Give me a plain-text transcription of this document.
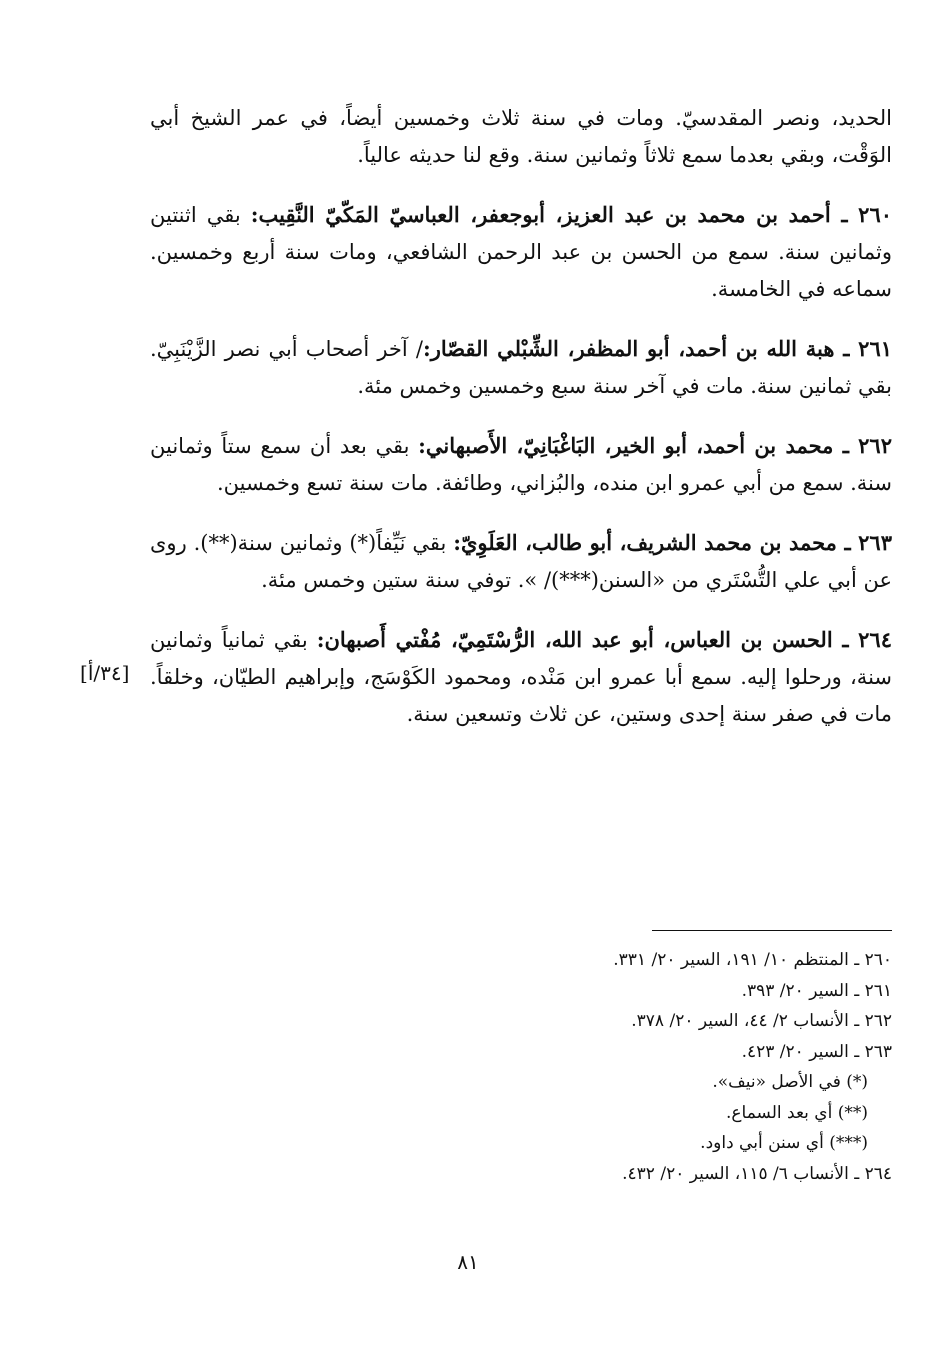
الحديد، ونصر المقدسيّ. ومات في سنة ثلاث وخمسين أيضاً، في عمر الشيخ أبي الوَقْت، وبقي بعدما سمع ثلاثاً وثمانين سنة. وقع لنا حديثه عالياً.

٢٦٠ ـ أحمد بن محمد بن عبد العزيز، أبوجعفر، العباسيّ المَكّيّ النَّقِيب: بقي اثنتين وثمانين سنة. سمع من الحسن بن عبد الرحمن الشافعي، ومات سنة أربع وخمسين. سماعه في الخامسة.

٢٦١ ـ هبة الله بن أحمد، أبو المظفر، الشِّبْلي القصّار:/ آخر أصحاب أبي نصر الزَّيْنَبِيّ. بقي ثمانين سنة. مات في آخر سنة سبع وخمسين وخمس مئة.

٢٦٢ ـ محمد بن أحمد، أبو الخير، البَاغْبَانِيّ، الأَصبهاني: بقي بعد أن سمع ستاً وثمانين سنة. سمع من أبي عمرو ابن منده، والبُزاني، وطائفة. مات سنة تسع وخمسين.

٢٦٣ ـ محمد بن محمد الشريف، أبو طالب، العَلَوِيّ: بقي نَيِّفاً(*) وثمانين سنة(**). روى عن أبي علي التُّسْتَري من «السنن(***)/ ». توفي سنة ستين وخمس مئة.

٢٦٤ ـ الحسن بن العباس، أبو عبد الله، الرُّسْتَمِيّ، مُفْتي أَصبهان: بقي ثمانياً وثمانين سنة، ورحلوا إليه. سمع أبا عمرو ابن مَنْده، ومحمود الكَوْسَج، وإبراهيم الطيّان، وخلقاً. مات في صفر سنة إحدى وستين، عن ثلاث وتسعين سنة.

[٣٤/أ]
٢٦٠ ـ المنتظم ١٠/ ١٩١، السير ٢٠/ ٣٣١.
٢٦١ ـ السير ٢٠/ ٣٩٣.
٢٦٢ ـ الأنساب ٢/ ٤٤، السير ٢٠/ ٣٧٨.
٢٦٣ ـ السير ٢٠/ ٤٢٣.
(*) في الأصل «نيف».
(**) أي بعد السماع.
(***) أي سنن أبي داود.
٢٦٤ ـ الأنساب ٦/ ١١٥، السير ٢٠/ ٤٣٢.
٨١
